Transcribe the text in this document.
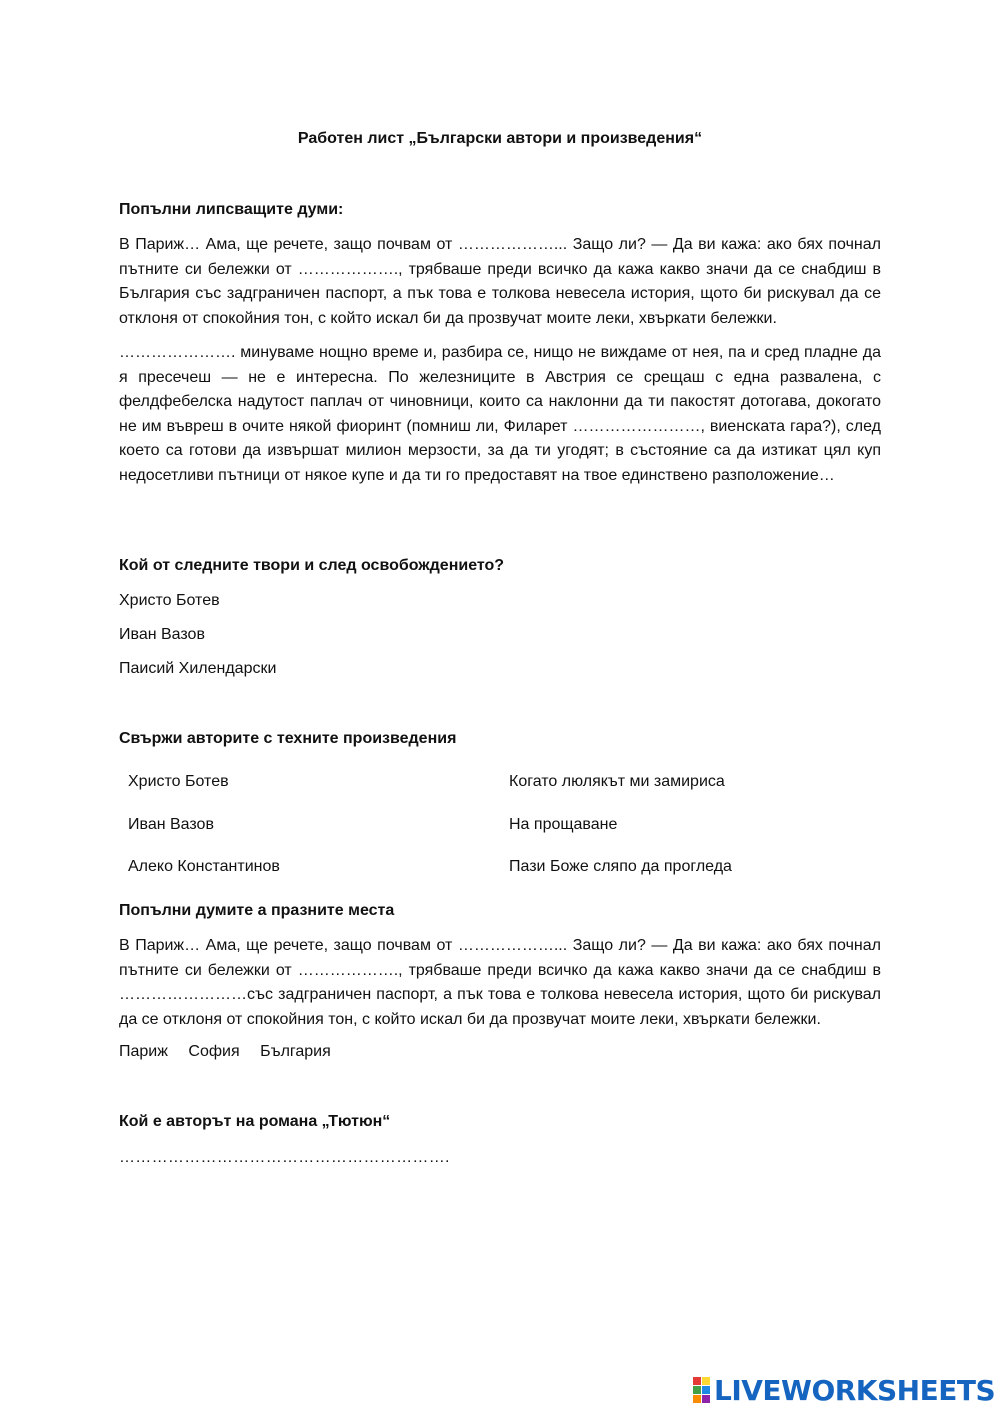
Работен лист „Български автори и произведения“
Попълни липсващите думи:

В Париж… Ама, ще речете, защо почвам от ………………... Защо ли? — Да ви кажа: ако бях почнал пътните си бележки от ………………., трябваше преди всичко да кажа какво значи да се снабдиш в България със задграничен паспорт, а пък това е толкова невесела история, щото би рискувал да се отклоня от спокойния тон, с който искал би да прозвучат моите леки, хвъркати бележки.

…………………. минуваме нощно време и, разбира се, нищо не виждаме от нея, па и сред пладне да я пресечеш — не е интересна. По железниците в Австрия се срещаш с една развалена, с фелдфебелска надутост паплач от чиновници, които са наклонни да ти пакостят дотогава, докогато не им въвреш в очите някой фиоринт (помниш ли, Филарет ……………………, виенската гара?), след което са готови да извършат милион мерзости, за да ти угодят; в състояние са да изтикат цял куп недосетливи пътници от някое купе и да ти го предоставят на твое единствено разположение…

Кой от следните твори и след освобождението?
Христо Ботев
Иван Вазов
Паисий Хилендарски
Свържи авторите с техните произведения
Христо Ботев
Иван Вазов
Алеко Константинов
Когато люлякът ми замириса
На прощаване
Пази Боже сляпо да прогледа
Попълни думите а празните места

В Париж… Ама, ще речете, защо почвам от ………………... Защо ли? — Да ви кажа: ако бях почнал пътните си бележки от ………………., трябваше преди всичко да кажа какво значи да се снабдиш в ……………………със задграничен паспорт, а пък това е толкова невесела история, щото би рискувал да се отклоня от спокойния тон, с който искал би да прозвучат моите леки, хвъркати бележки.

Париж София България
Кой е авторът на романа „Тютюн“
…………………………………………………….
LIVEWORKSHEETS
